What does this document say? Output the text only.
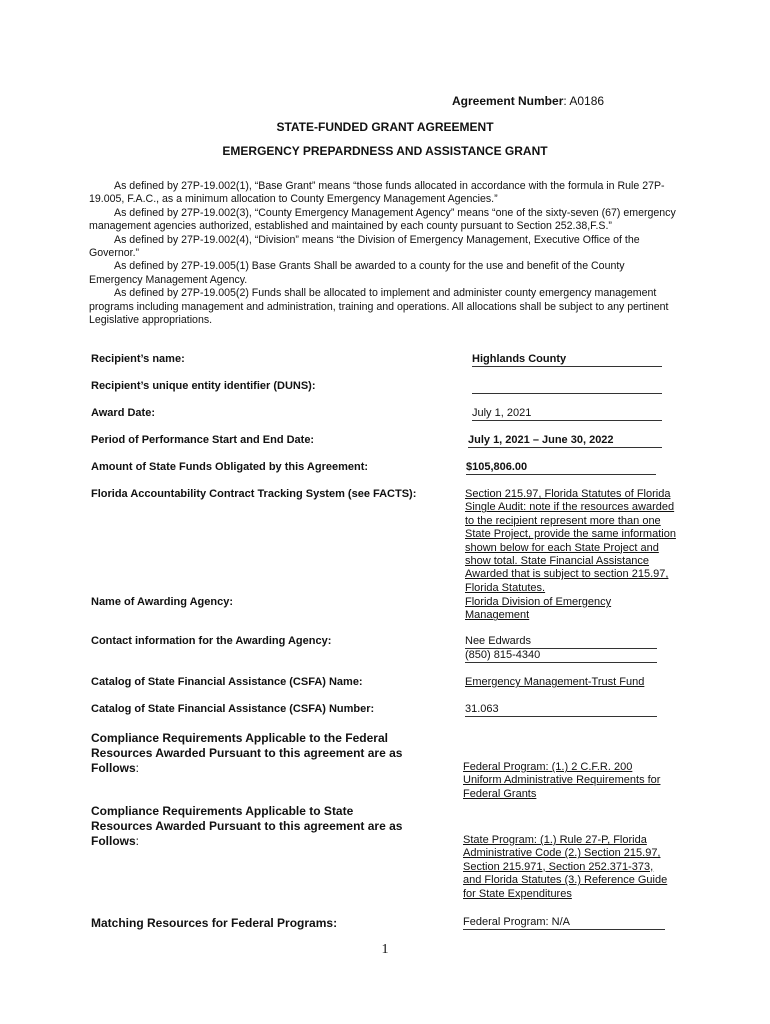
Agreement Number: A0186
STATE-FUNDED GRANT AGREEMENT
EMERGENCY PREPARDNESS AND ASSISTANCE GRANT

As defined by 27P-19.002(1), “Base Grant” means “those funds allocated in accordance with the formula in Rule 27P-19.005, F.A.C., as a minimum allocation to County Emergency Management Agencies.”

As defined by 27P-19.002(3), “County Emergency Management Agency” means “one of the sixty-seven (67) emergency management agencies authorized, established and maintained by each county pursuant to Section 252.38,F.S.”

As defined by 27P-19.002(4), “Division” means “the Division of Emergency Management, Executive Office of the Governor.”

As defined by 27P-19.005(1) Base Grants Shall be awarded to a county for the use and benefit of the County Emergency Management Agency.

As defined by 27P-19.005(2) Funds shall be allocated to implement and administer county emergency management programs including management and administration, training and operations. All allocations shall be subject to any pertinent Legislative appropriations.

Recipient’s name:	Highlands County
Recipient’s unique entity identifier (DUNS):
Award Date:	July 1, 2021
Period of Performance Start and End Date:	July 1, 2021 – June 30, 2022
Amount of State Funds Obligated by this Agreement:	$105,806.00
Florida Accountability Contract Tracking System (see FACTS):	Section 215.97, Florida Statutes of Florida Single Audit: note if the resources awarded to the recipient represent more than one State Project, provide the same information shown below for each State Project and show total. State Financial Assistance Awarded that is subject to section 215.97, Florida Statutes.
Name of Awarding Agency:	Florida Division of Emergency Management
Contact information for the Awarding Agency:	Nee Edwards
(850) 815-4340
Catalog of State Financial Assistance (CSFA) Name:	Emergency Management-Trust Fund
Catalog of State Financial Assistance (CSFA) Number:	31.063
Compliance Requirements Applicable to the Federal Resources Awarded Pursuant to this agreement are as Follows:	Federal Program: (1.) 2 C.F.R. 200 Uniform Administrative Requirements for Federal Grants
Compliance Requirements Applicable to State Resources Awarded Pursuant to this agreement are as Follows:	State Program: (1.) Rule 27-P, Florida Administrative Code (2.) Section 215.97, Section 215.971, Section 252.371-373, and Florida Statutes (3.) Reference Guide for State Expenditures
Matching Resources for Federal Programs:	Federal Program: N/A
1
